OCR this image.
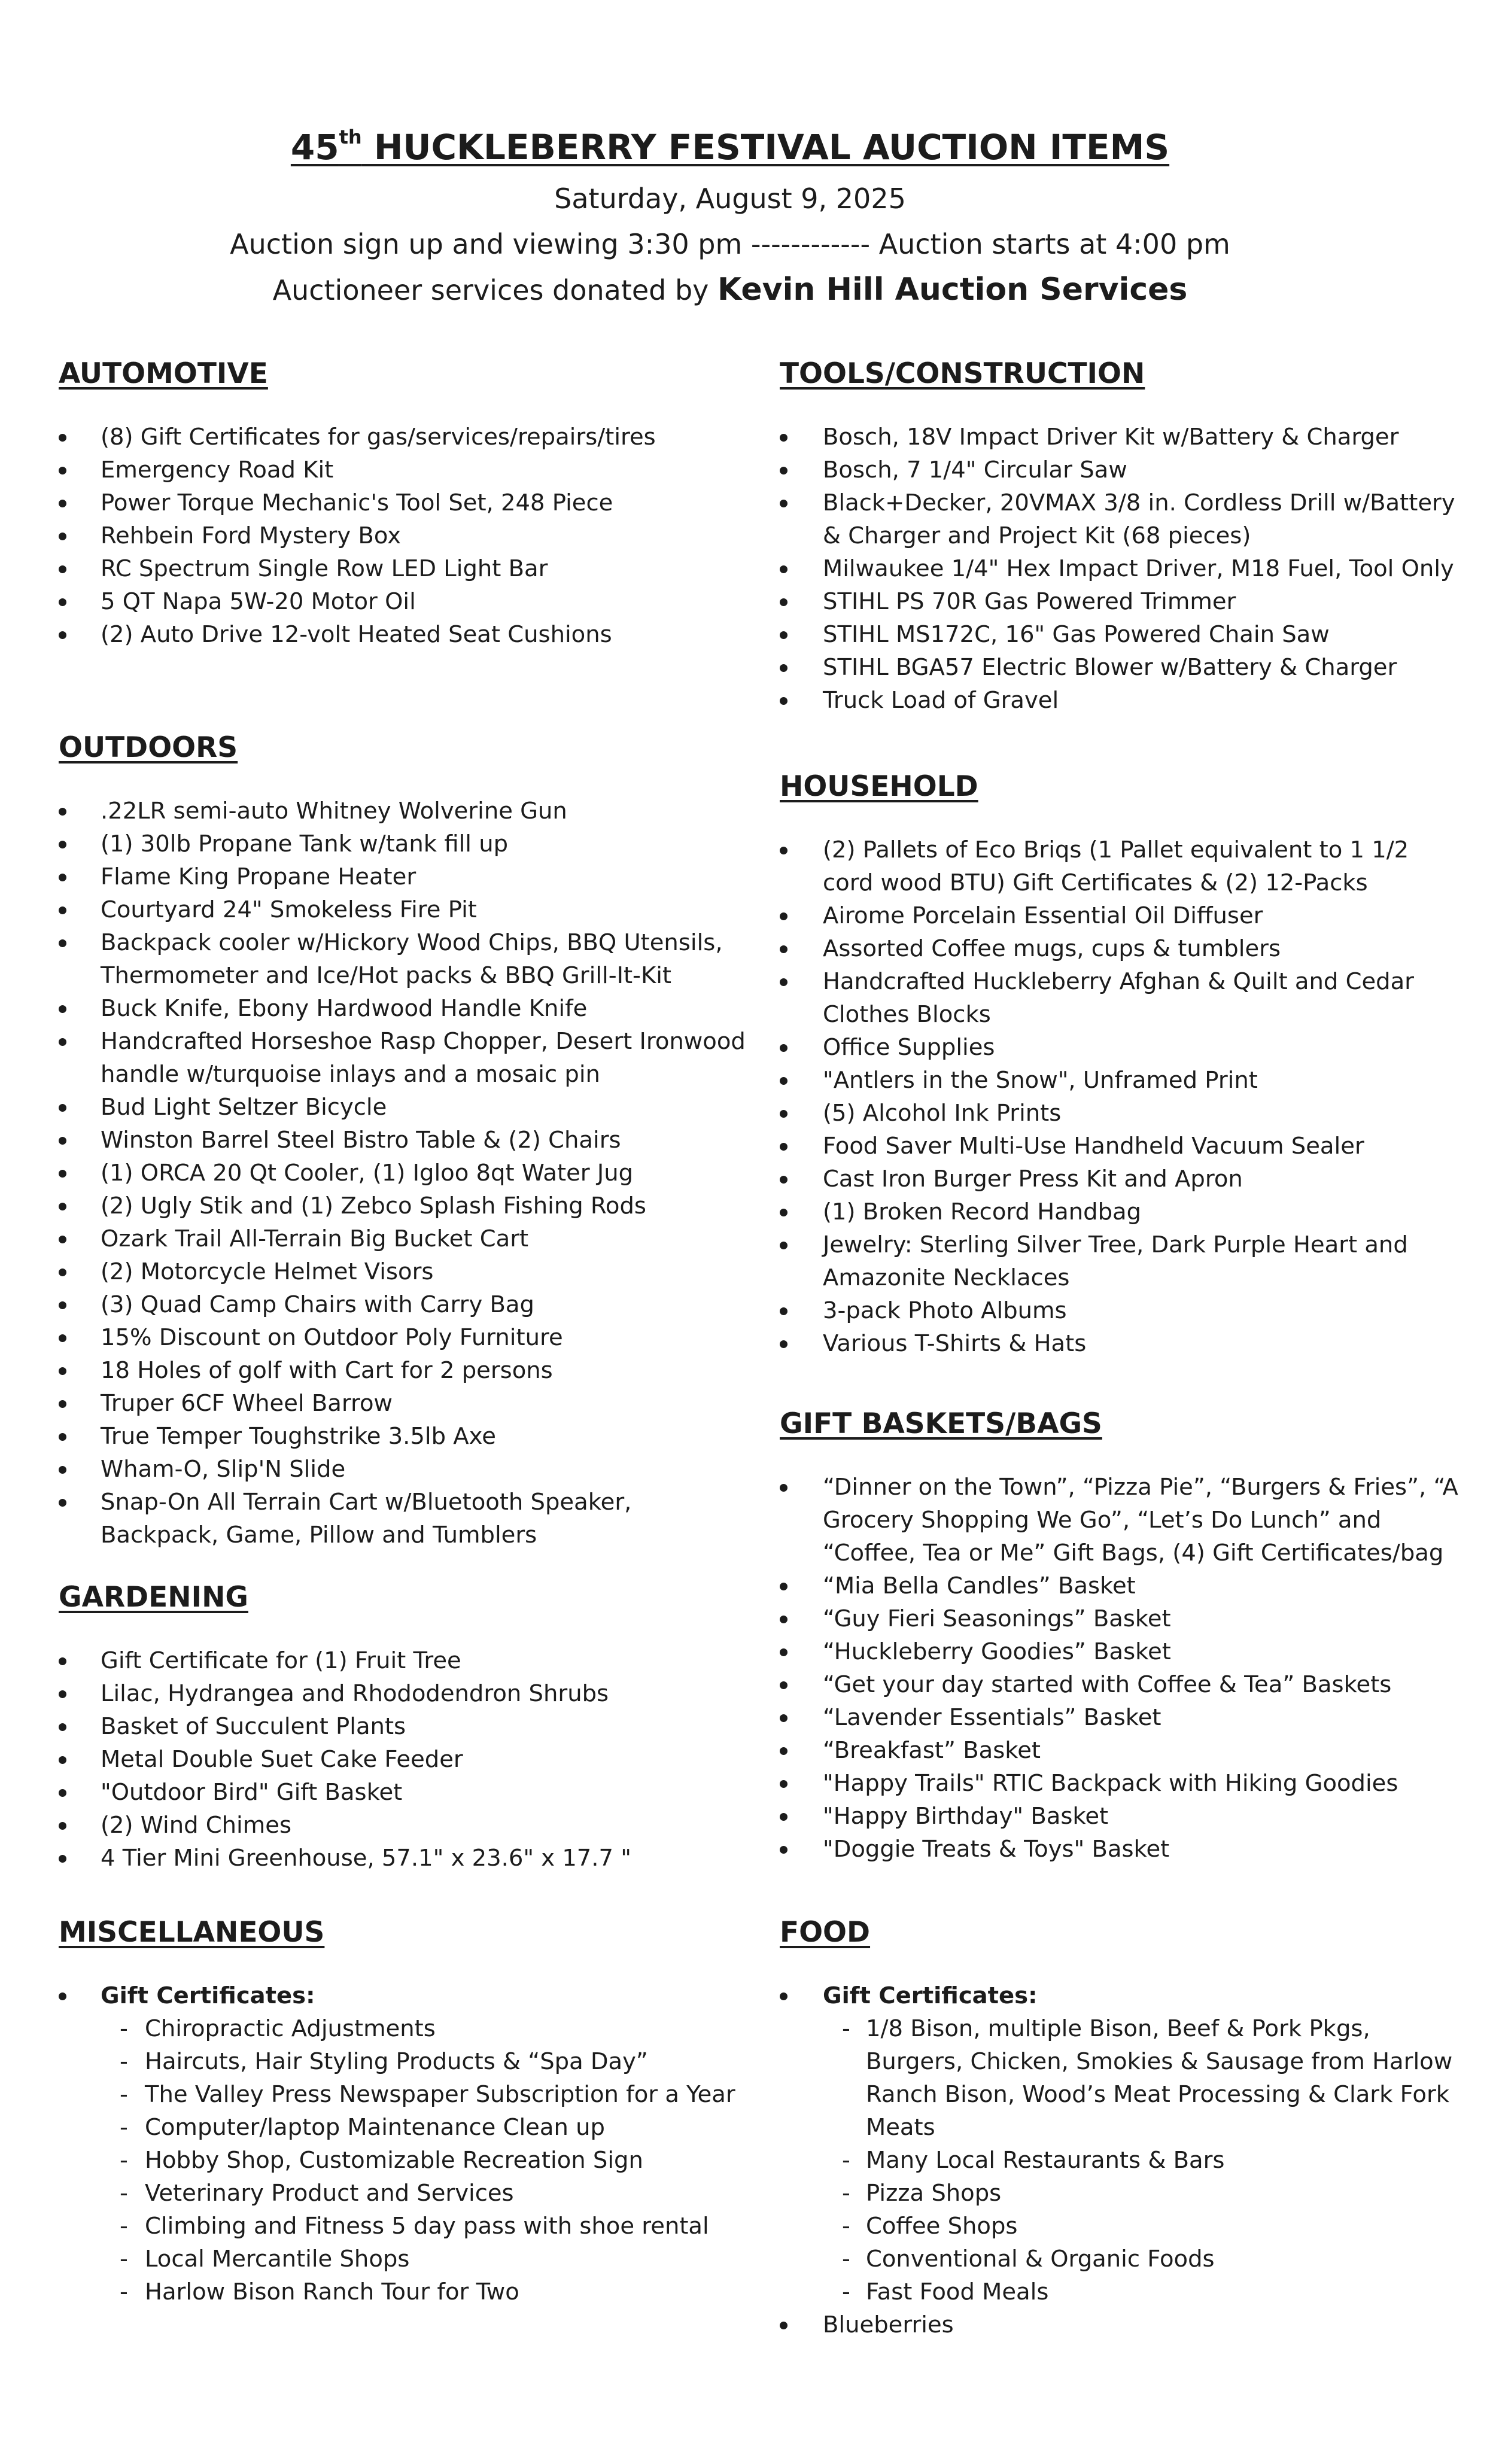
45th HUCKLEBERRY FESTIVAL AUCTION ITEMS

Saturday, August 9, 2025

Auction sign up and viewing 3:30 pm ------------ Auction starts at 4:00 pm

Auctioneer services donated by Kevin Hill Auction Services

AUTOMOTIVE
(8) Gift Certificates for gas/services/repairs/tires
Emergency Road Kit
Power Torque Mechanic's Tool Set, 248 Piece
Rehbein Ford Mystery Box
RC Spectrum Single Row LED Light Bar
5 QT Napa 5W-20 Motor Oil
(2) Auto Drive 12-volt Heated Seat Cushions
OUTDOORS
.22LR semi-auto Whitney Wolverine Gun
(1) 30lb Propane Tank w/tank fill up
Flame King Propane Heater
Courtyard 24" Smokeless Fire Pit
Backpack cooler w/Hickory Wood Chips, BBQ Utensils, Thermometer and Ice/Hot packs & BBQ Grill-It-Kit
Buck Knife, Ebony Hardwood Handle Knife
Handcrafted Horseshoe Rasp Chopper, Desert Ironwood handle w/turquoise inlays and a mosaic pin
Bud Light Seltzer Bicycle
Winston Barrel Steel Bistro Table & (2) Chairs
(1) ORCA 20 Qt Cooler, (1) Igloo 8qt Water Jug
(2) Ugly Stik and (1) Zebco Splash Fishing Rods
Ozark Trail All-Terrain Big Bucket Cart
(2) Motorcycle Helmet Visors
(3) Quad Camp Chairs with Carry Bag
15% Discount on Outdoor Poly Furniture
18 Holes of golf with Cart for 2 persons
Truper 6CF Wheel Barrow
True Temper Toughstrike 3.5lb Axe
Wham-O, Slip'N Slide
Snap-On All Terrain Cart w/Bluetooth Speaker, Backpack, Game, Pillow and Tumblers
GARDENING
Gift Certificate for (1) Fruit Tree
Lilac, Hydrangea and Rhododendron Shrubs
Basket of Succulent Plants
Metal Double Suet Cake Feeder
"Outdoor Bird" Gift Basket
(2) Wind Chimes
4 Tier Mini Greenhouse, 57.1" x 23.6" x 17.7 "
MISCELLANEOUS
Gift Certificates:
- Chiropractic Adjustments
- Haircuts, Hair Styling Products & “Spa Day”
- The Valley Press Newspaper Subscription for a Year
- Computer/laptop Maintenance Clean up
- Hobby Shop, Customizable Recreation Sign
- Veterinary Product and Services
- Climbing and Fitness 5 day pass with shoe rental
- Local Mercantile Shops
- Harlow Bison Ranch Tour for Two
TOOLS/CONSTRUCTION
Bosch, 18V Impact Driver Kit w/Battery & Charger
Bosch, 7 1/4" Circular Saw
Black+Decker, 20VMAX 3/8 in. Cordless Drill w/Battery & Charger and Project Kit (68 pieces)
Milwaukee 1/4" Hex Impact Driver, M18 Fuel, Tool Only
STIHL PS 70R Gas Powered Trimmer
STIHL MS172C, 16" Gas Powered Chain Saw
STIHL BGA57 Electric Blower w/Battery & Charger
Truck Load of Gravel
HOUSEHOLD
(2) Pallets of Eco Briqs (1 Pallet equivalent to 1 1/2 cord wood BTU) Gift Certificates & (2) 12-Packs
Airome Porcelain Essential Oil Diffuser
Assorted Coffee mugs, cups & tumblers
Handcrafted Huckleberry Afghan & Quilt and Cedar Clothes Blocks
Office Supplies
"Antlers in the Snow", Unframed Print
(5) Alcohol Ink Prints
Food Saver Multi-Use Handheld Vacuum Sealer
Cast Iron Burger Press Kit and Apron
(1) Broken Record Handbag
Jewelry: Sterling Silver Tree, Dark Purple Heart and Amazonite Necklaces
3-pack Photo Albums
Various T-Shirts & Hats
GIFT BASKETS/BAGS
“Dinner on the Town”, “Pizza Pie”, “Burgers & Fries”, “A Grocery Shopping We Go”, “Let’s Do Lunch” and “Coffee, Tea or Me” Gift Bags, (4) Gift Certificates/bag
“Mia Bella Candles” Basket
“Guy Fieri Seasonings” Basket
“Huckleberry Goodies” Basket
“Get your day started with Coffee & Tea” Baskets
“Lavender Essentials” Basket
“Breakfast” Basket
"Happy Trails" RTIC Backpack with Hiking Goodies
"Happy Birthday" Basket
"Doggie Treats & Toys" Basket
FOOD
Gift Certificates:
- 1/8 Bison, multiple Bison, Beef & Pork Pkgs, Burgers, Chicken, Smokies & Sausage from Harlow Ranch Bison, Wood’s Meat Processing & Clark Fork Meats
- Many Local Restaurants & Bars
- Pizza Shops
- Coffee Shops
- Conventional & Organic Foods
- Fast Food Meals
Blueberries
